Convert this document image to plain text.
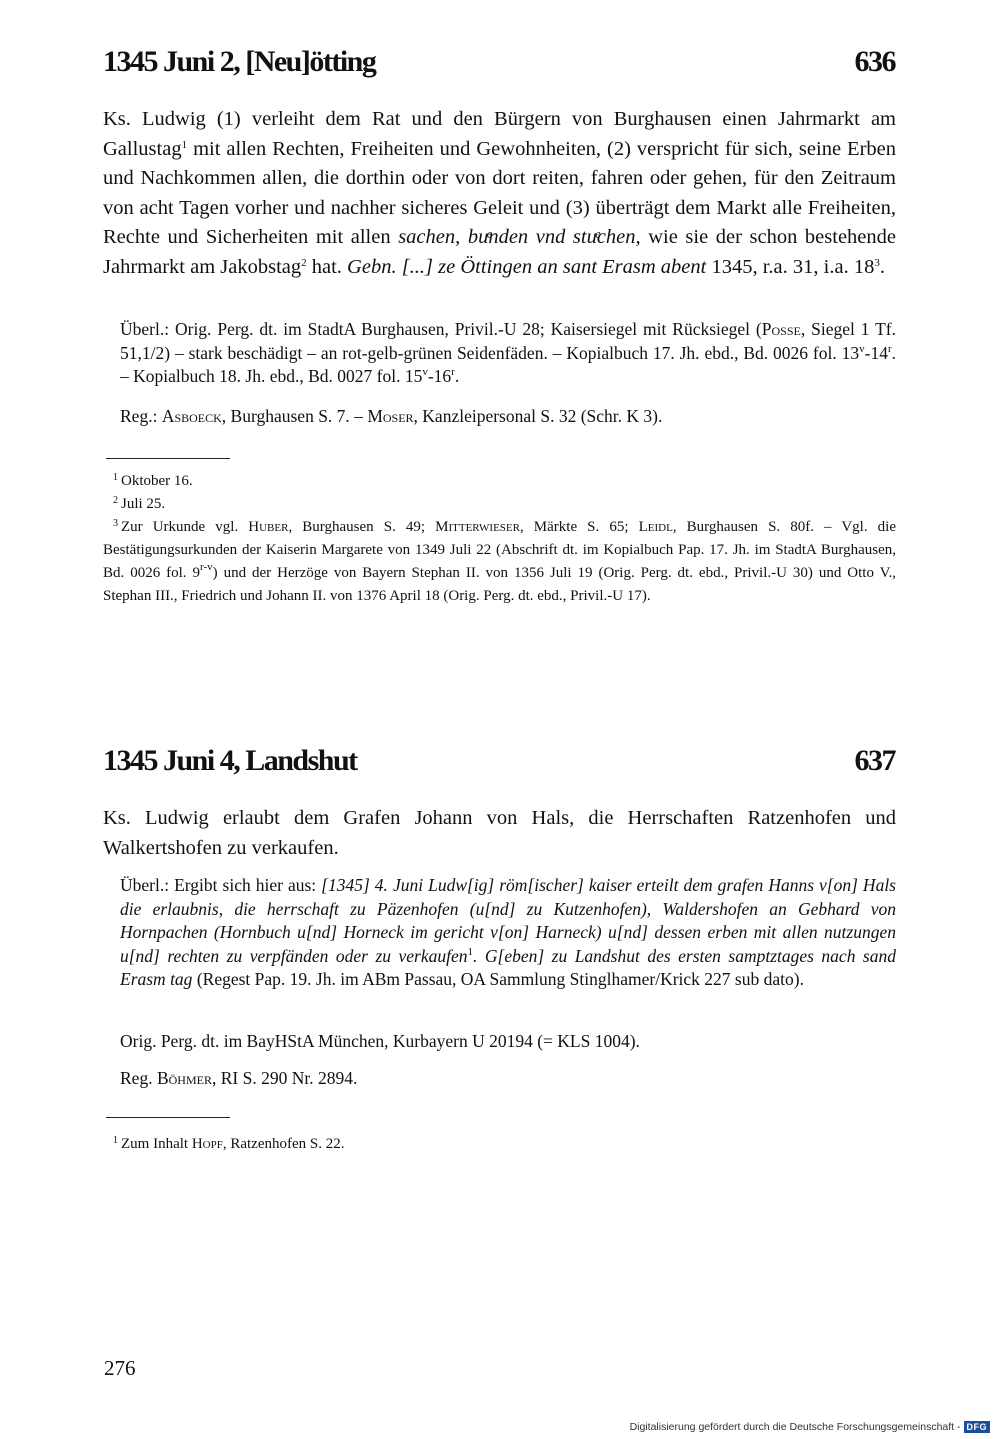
1345 Juni 2, [Neu]ötting	636

Ks. Ludwig (1) verleiht dem Rat und den Bürgern von Burghausen einen Jahrmarkt am Gallustag$^1$ mit allen Rechten, Freiheiten und Gewohnheiten, (2) verspricht für sich, seine Erben und Nachkommen allen, die dorthin oder von dort reiten, fahren oder gehen, für den Zeitraum von acht Tagen vorher und nachher sicheres Geleit und (3) überträgt dem Markt alle Freiheiten, Rechte und Sicherheiten mit allen sachen, buͤnden vnd stuͤchen, wie sie der schon bestehende Jahrmarkt am Jakobstag$^2$ hat. Gebn. [...] ze Öttingen an sant Erasm abent 1345, r.a. 31, i.a. $18^3$.

Überl.: Orig. Perg. dt. im StadtA Burghausen, Privil.-U 28; Kaisersiegel mit Rücksiegel (Posse, Siegel 1 Tf. 51,1/2) – stark beschädigt – an rot-gelb-grünen Seidenfäden. – Kopialbuch 17. Jh. ebd., Bd. 0026 fol. 13$^v$-14$^r$. – Kopialbuch 18. Jh. ebd., Bd. 0027 fol. 15$^v$-16$^r$.

Reg.: Asboeck, Burghausen S. 7. – Moser, Kanzleipersonal S. 32 (Schr. K 3).

$^1$ Oktober 16.

$^2$ Juli 25.

$^3$ Zur Urkunde vgl. Huber, Burghausen S. 49; Mitterwieser, Märkte S. 65; Leidl, Burghausen S. 80f. – Vgl. die Bestätigungsurkunden der Kaiserin Margarete von 1349 Juli 22 (Abschrift dt. im Kopialbuch Pap. 17. Jh. im StadtA Burghausen, Bd. 0026 fol. 9$^{r-v}$) und der Herzöge von Bayern Stephan II. von 1356 Juli 19 (Orig. Perg. dt. ebd., Privil.-U 30) und Otto V., Stephan III., Friedrich und Johann II. von 1376 April 18 (Orig. Perg. dt. ebd., Privil.-U 17).

1345 Juni 4, Landshut	637

Ks. Ludwig erlaubt dem Grafen Johann von Hals, die Herrschaften Ratzenhofen und Walkertshofen zu verkaufen.

Überl.: Ergibt sich hier aus: [1345] 4. Juni Ludw[ig] röm[ischer] kaiser erteilt dem grafen Hanns v[on] Hals die erlaubnis, die herrschaft zu Päzenhofen (u[nd] zu Kutzenhofen), Waldershofen an Gebhard von Hornpachen (Hornbuch u[nd] Horneck im gericht v[on] Harneck) u[nd] dessen erben mit allen nutzungen u[nd] rechten zu verpfänden oder zu verkaufen$^1$. G[eben] zu Landshut des ersten samptztages nach sand Erasm tag (Regest Pap. 19. Jh. im ABm Passau, OA Sammlung Stinglhamer/Krick 227 sub dato).

Orig. Perg. dt. im BayHStA München, Kurbayern U 20194 (= KLS 1004).

Reg. Böhmer, RI S. 290 Nr. 2894.

$^1$ Zum Inhalt Hopf, Ratzenhofen S. 22.

276
Digitalisierung gefördert durch die Deutsche Forschungsgemeinschaft - DFG
